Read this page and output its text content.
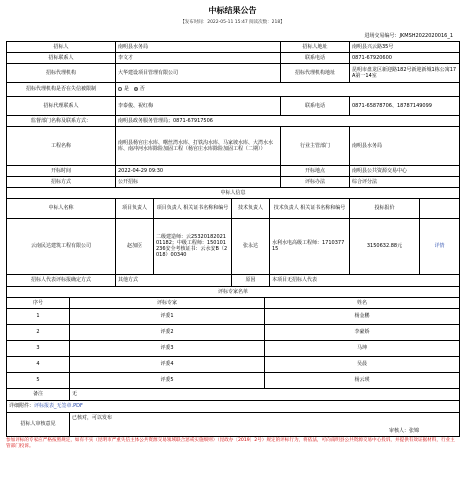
中标结果公告
【发布时间：2022-05-11 15:47 阅读次数：218】
进场交易编号：JKMSH2022020016_1
招标人	南明县水务局	招标人地址	南明县兴云路35号
招标联系人	李文才	联系电话	0871-67920600
招标代理机构	大华建设项目管理有限公司	招标代理机构地址	昆明市盘龙区新迎路182号新迎新城1栋公寓17A第一14室
招标代理机构是否在失信被限制	是 否		
招标代理联系人	李泰俊、祝红梅	联系电话	0871-65878706、18787149099
监督部门名称及联系方式：	南明县政务服务管理局；0871-67917506		
工程名称	南明县杨官庄水库、曙丝湾水库、打铁沟水库、马家坡水库、大湾水水库、南冲河水库除险加固工程（杨官庄水库除险加固工程（二期））	行业主管部门	南明县水务局
开标时间	2022-04-29 09:30	开标地点	南明县公共资源交易中心
招标方式	公开招标	评标办法	综合评分法
中标人信息						
中标人名称	项目负责人	项目负责人 相关证书名称和编号	技术负责人	技术负责人 相关证书名称和编号	投标报价	
云南民达建筑工程有限公司	赵加臣	二级建造师：云2532018202101182；中级工程师：150101236安全考核证书：云水安B（2018）00340	张永达	水利水电高级工程师：171037715	3150632.88元	详情
招标人代表评标报确定方式	其他方式		原因	本项目无招标人代表		
评标专家名单		
序号	评标专家	姓名
1	评委1	杨金鹏
2	评委2	李豪娇
3	评委3	马坤
4	评委4	吴晨
5	评委5	杨云瑛
备注	无	
详细附件：评标报表_无签章.PDF		
招标人审核意见	已核对，可以发布
审核人：张锦	
参加评标的专家应严格按照规定，如有不实（昆明市严重失信主体公共资源交易领域联合惩戒实施细则）（昆政办〔2019〕2号）规定的评标行为，将依法，可向南明县公共资源交易中心投诉，并提供有效证据材料，行业主管部门投诉。
